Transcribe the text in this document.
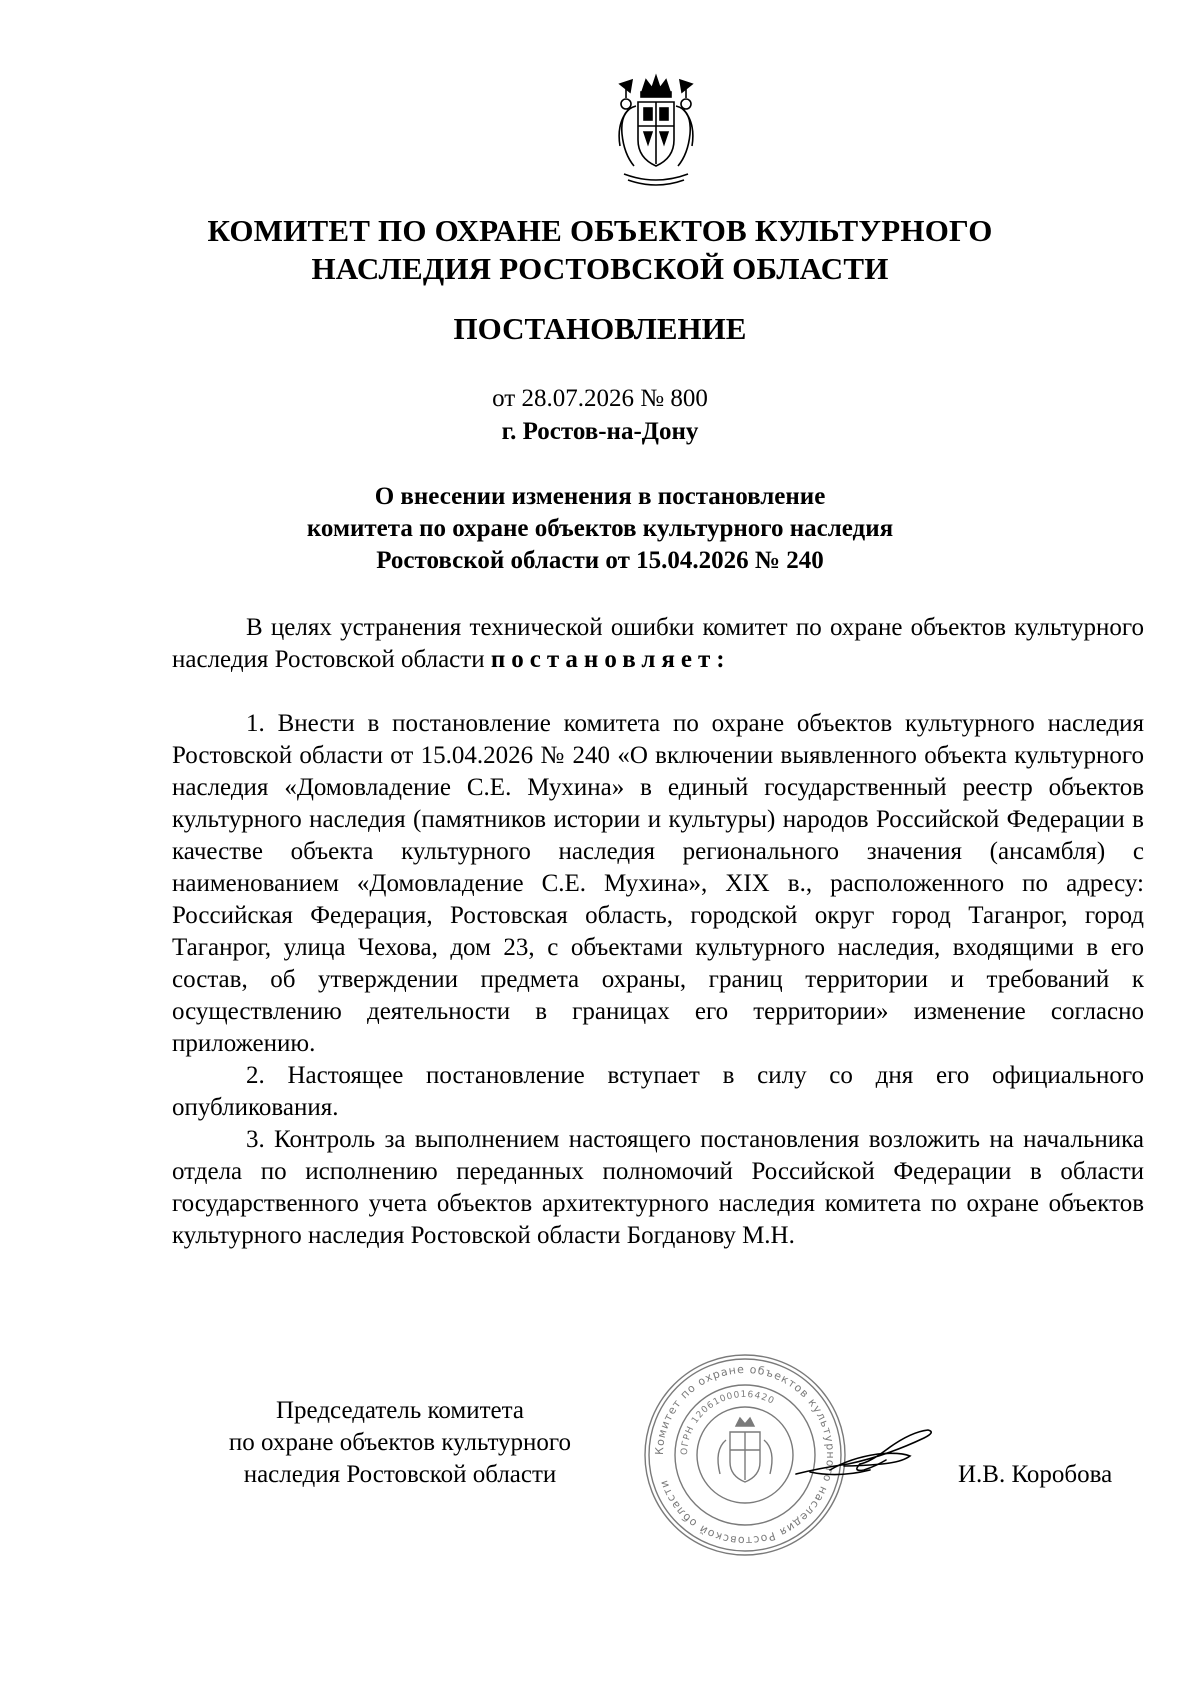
КОМИТЕТ ПО ОХРАНЕ ОБЪЕКТОВ КУЛЬТУРНОГО
НАСЛЕДИЯ РОСТОВСКОЙ ОБЛАСТИ
ПОСТАНОВЛЕНИЕ
от 28.07.2026 № 800
г. Ростов-на-Дону
О внесении изменения в постановление
комитета по охране объектов культурного наследия
Ростовской области от 15.04.2026 № 240
В целях устранения технической ошибки комитет по охране объектов культурного наследия Ростовской области постановляет:

1. Внести в постановление комитета по охране объектов культурного наследия Ростовской области от 15.04.2026 № 240 «О включении выявленного объекта культурного наследия «Домовладение С.Е. Мухина» в единый государственный реестр объектов культурного наследия (памятников истории и культуры) народов Российской Федерации в качестве объекта культурного наследия регионального значения (ансамбля) с наименованием «Домовладение С.Е. Мухина», XIX в., расположенного по адресу: Российская Федерация, Ростовская область, городской округ город Таганрог, город Таганрог, улица Чехова, дом 23, с объектами культурного наследия, входящими в его состав, об утверждении предмета охраны, границ территории и требований к осуществлению деятельности в границах его территории» изменение согласно приложению.

2. Настоящее постановление вступает в силу со дня его официального опубликования.

3. Контроль за выполнением настоящего постановления возложить на начальника отдела по исполнению переданных полномочий Российской Федерации в области государственного учета объектов архитектурного наследия комитета по охране объектов культурного наследия Ростовской области Богданову М.Н.

Председатель комитета
по охране объектов культурного
наследия Ростовской области
Комитет по охране объектов культурного наследия Ростовской области
ОГРН 1206100016420
И.В. Коробова
